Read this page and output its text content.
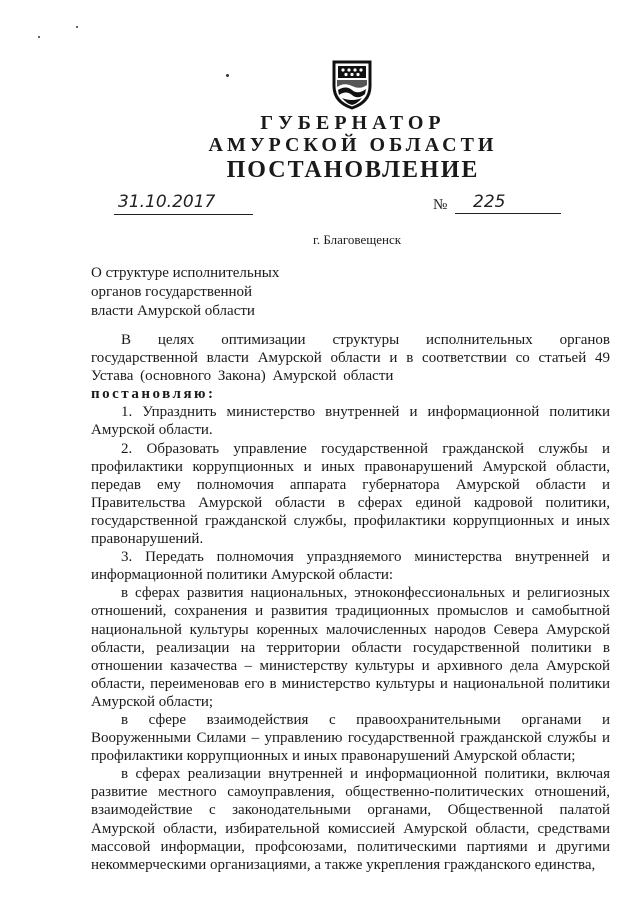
ГУБЕРНАТОР
АМУРСКОЙ ОБЛАСТИ
ПОСТАНОВЛЕНИЕ
31.10.2017	№	225
г. Благовещенск
О структуре исполнительных
органов государственной
власти Амурской области

В целях оптимизации структуры исполнительных органов государственной власти Амурской области и в соответствии со статьей 49 Устава (основного Закона) Амурской области

постановляю:

1. Упразднить министерство внутренней и информационной политики Амурской области.

2. Образовать управление государственной гражданской службы и профилактики коррупционных и иных правонарушений Амурской области, передав ему полномочия аппарата губернатора Амурской области и Правительства Амурской области в сферах единой кадровой политики, государственной гражданской службы, профилактики коррупционных и иных правонарушений.

3. Передать полномочия упраздняемого министерства внутренней и информационной политики Амурской области:

в сферах развития национальных, этноконфессиональных и религиозных отношений, сохранения и развития традиционных промыслов и самобытной национальной культуры коренных малочисленных народов Севера Амурской области, реализации на территории области государственной политики в отношении казачества – министерству культуры и архивного дела Амурской области, переименовав его в министерство культуры и национальной политики Амурской области;

в сфере взаимодействия с правоохранительными органами и Вооруженными Силами – управлению государственной гражданской службы и профилактики коррупционных и иных правонарушений Амурской области;

в сферах реализации внутренней и информационной политики, включая развитие местного самоуправления, общественно-политических отношений, взаимодействие с законодательными органами, Общественной палатой Амурской области, избирательной комиссией Амурской области, средствами массовой информации, профсоюзами, политическими партиями и другими некоммерческими организациями, а также укрепления гражданского единства,
